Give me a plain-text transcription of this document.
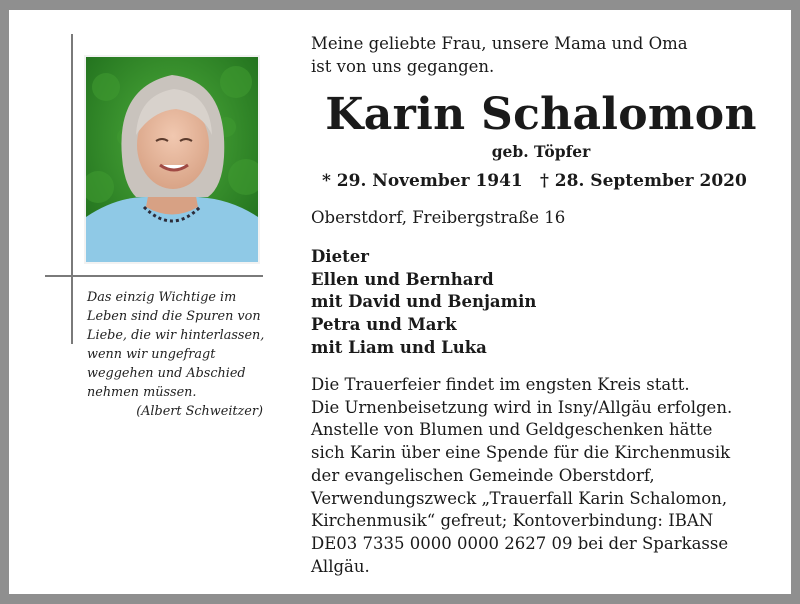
Das einzig Wichtige im
Leben sind die Spuren von
Liebe, die wir hinterlassen,
wenn wir ungefragt
weggehen und Abschied
nehmen müssen.
(Albert Schweitzer)
Meine geliebte Frau, unsere Mama und Oma
ist von uns gegangen.
Karin Schalomon
geb. Töpfer
* 29. November 1941 † 28. September 2020
Oberstdorf, Freibergstraße 16
Dieter
Ellen und Bernhard
mit David und Benjamin
Petra und Mark
mit Liam und Luka
Die Trauerfeier findet im engsten Kreis statt.
Die Urnenbeisetzung wird in Isny/Allgäu erfolgen.
Anstelle von Blumen und Geldgeschenken hätte
sich Karin über eine Spende für die Kirchenmusik
der evangelischen Gemeinde Oberstdorf,
Verwendungszweck „Trauerfall Karin Schalomon,
Kirchenmusik“ gefreut; Kontoverbindung: IBAN
DE03 7335 0000 0000 2627 09 bei der Sparkasse
Allgäu.
